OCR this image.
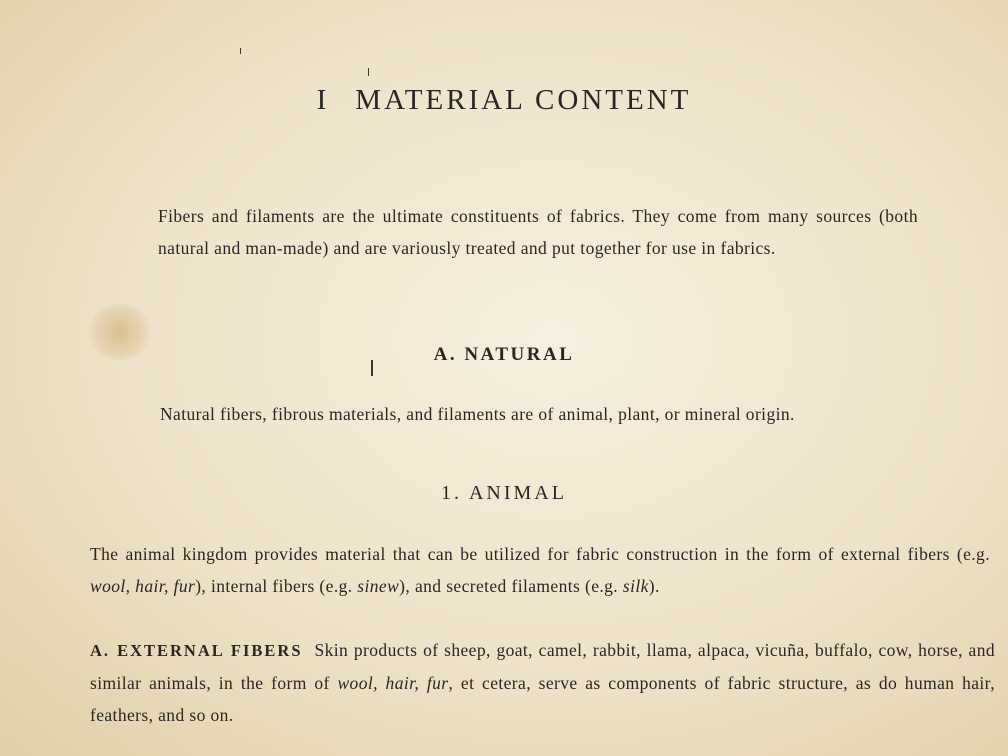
I MATERIAL CONTENT

Fibers and filaments are the ultimate constituents of fabrics. They come from many sources (both natural and man-made) and are variously treated and put together for use in fabrics.

A. NATURAL

Natural fibers, fibrous materials, and filaments are of animal, plant, or mineral origin.

1. ANIMAL

The animal kingdom provides material that can be utilized for fabric construction in the form of external fibers (e.g. wool, hair, fur), internal fibers (e.g. sinew), and secreted filaments (e.g. silk).

A. EXTERNAL FIBERS Skin products of sheep, goat, camel, rabbit, llama, alpaca, vicuña, buffalo, cow, horse, and similar animals, in the form of wool, hair, fur, et cetera, serve as components of fabric structure, as do human hair, feathers, and so on.
